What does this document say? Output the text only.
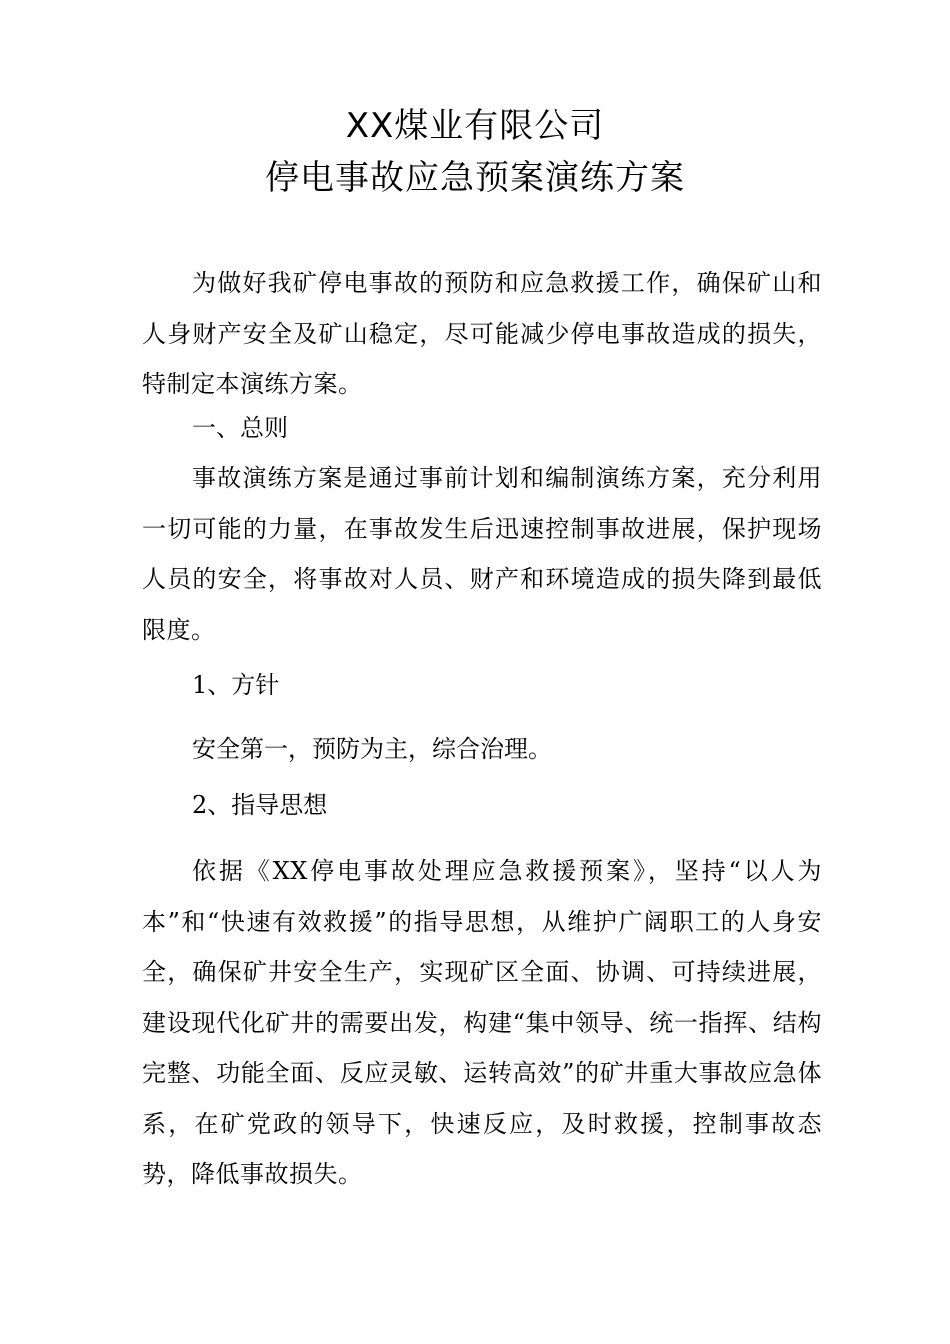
XX煤业有限公司
停电事故应急预案演练方案
为做好我矿停电事故的预防和应急救援工作，确保矿山和人身财产安全及矿山稳定，尽可能减少停电事故造成的损失，特制定本演练方案。
一、总则
事故演练方案是通过事前计划和编制演练方案，充分利用一切可能的力量，在事故发生后迅速控制事故进展，保护现场人员的安全，将事故对人员、财产和环境造成的损失降到最低限度。
1、方针
安全第一，预防为主，综合治理。
2、指导思想
依据《XX停电事故处理应急救援预案》，坚持“以人为本”和“快速有效救援”的指导思想，从维护广阔职工的人身安全，确保矿井安全生产，实现矿区全面、协调、可持续进展，建设现代化矿井的需要出发，构建“集中领导、统一指挥、结构完整、功能全面、反应灵敏、运转高效”的矿井重大事故应急体系，在矿党政的领导下，快速反应，及时救援，控制事故态势，降低事故损失。
